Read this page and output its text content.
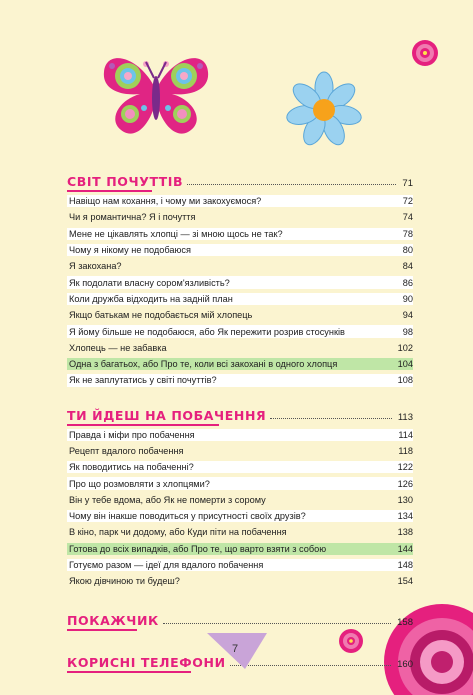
СВІТ ПОЧУТТІВ	71
Навіщо нам кохання, і чому ми закохуємося?	72
Чи я романтична? Я і почуття	74
Мене не цікавлять хлопці — зі мною щось не так?	78
Чому я нікому не подобаюся	80
Я закохана?	84
Як подолати власну сором'язливість?	86
Коли дружба відходить на задній план	90
Якщо батькам не подобається мій хлопець	94
Я йому більше не подобаюся, або Як пережити розрив стосунків	98
Хлопець — не забавка	102
Одна з багатьох, або Про те, коли всі закохані в одного хлопця	104
Як не заплутатись у світі почуттів?	108
ТИ ЙДЕШ НА ПОБАЧЕННЯ	113
Правда і міфи про побачення	114
Рецепт вдалого побачення	118
Як поводитись на побаченні?	122
Про що розмовляти з хлопцями?	126
Він у тебе вдома, або Як не померти з сорому	130
Чому він інакше поводиться у присутності своїх друзів?	134
В кіно, парк чи додому, або Куди піти на побачення	138
Готова до всіх випадків, або Про те, що варто взяти з собою	144
Готуємо разом — ідеї для вдалого побачення	148
Якою дівчиною ти будеш?	154
ПОКАЖЧИК	158
КОРИСНІ ТЕЛЕФОНИ	160
7
